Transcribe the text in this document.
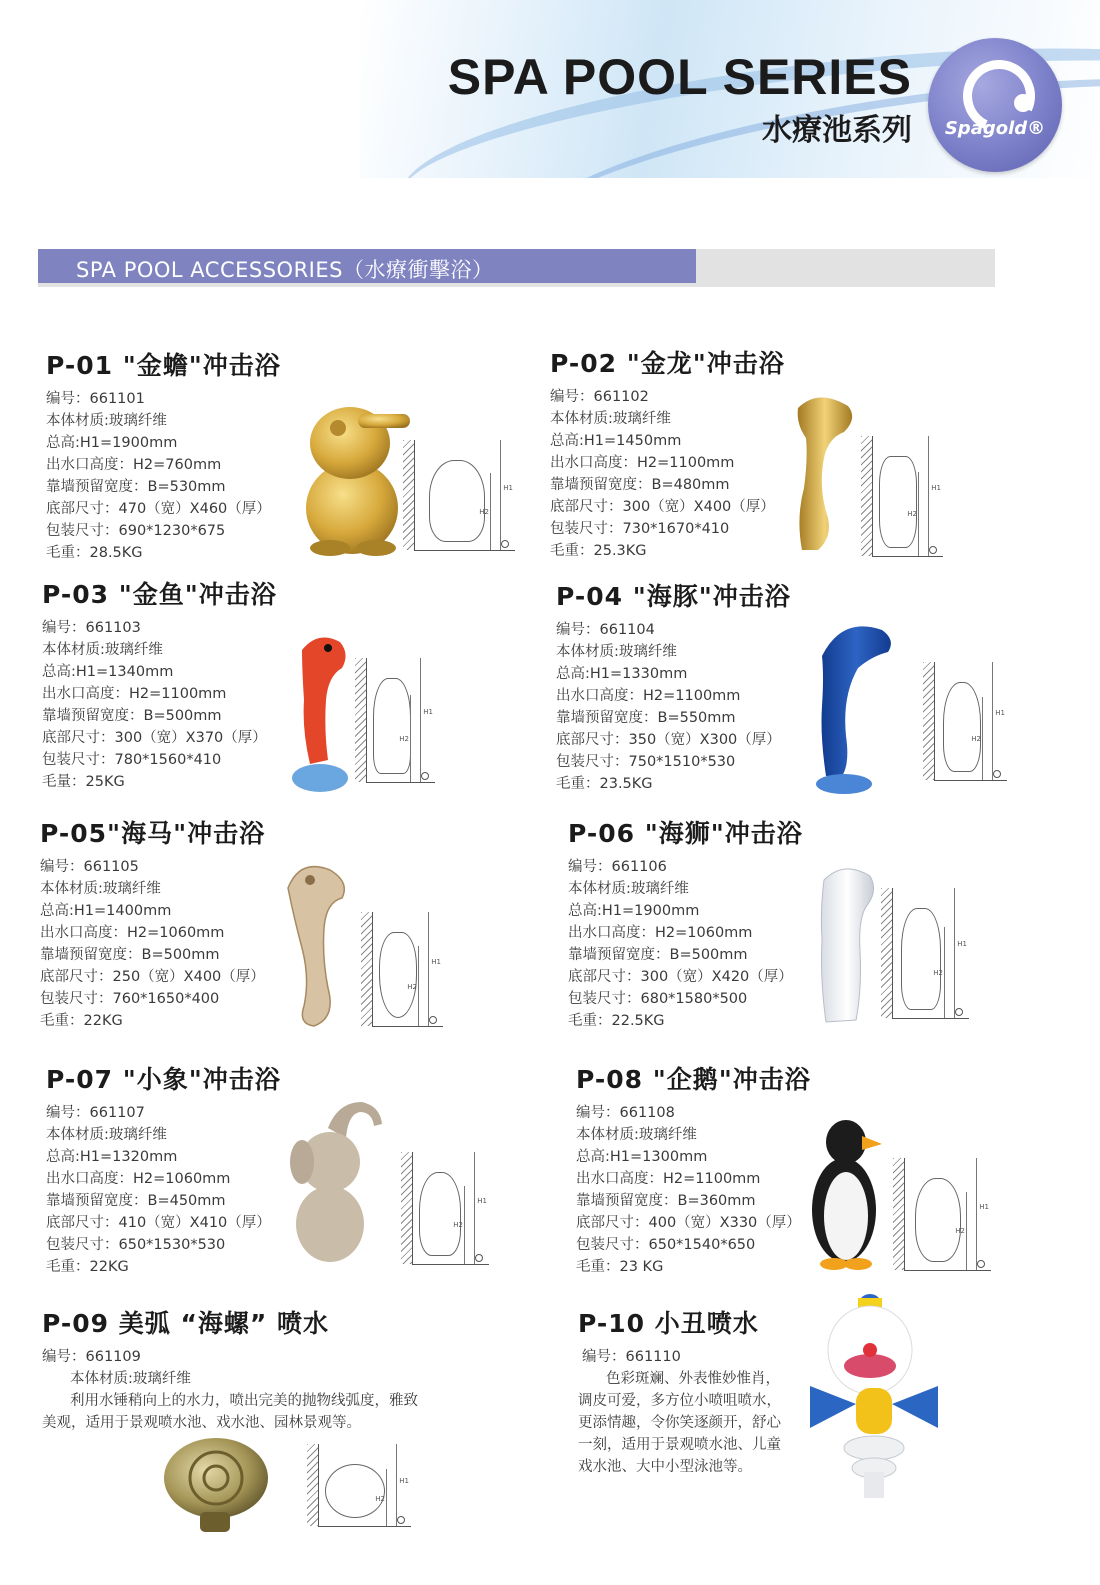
SPA POOL SERIES
水療池系列	Spagold®
SPA POOL ACCESSORIES（水療衝擊浴）
P-01 "金蟾"冲击浴
编号：661101
本体材质:玻璃纤维
总高:H1=1900mm
出水口高度：H2=760mm
靠墙预留宽度：B=530mm
底部尺寸：470（宽）X460（厚）
包装尺寸：690*1230*675
毛重：28.5KG
H1
H2
P-02 "金龙"冲击浴
编号：661102
本体材质:玻璃纤维
总高:H1=1450mm
出水口高度：H2=1100mm
靠墙预留宽度：B=480mm
底部尺寸：300（宽）X400（厚）
包装尺寸：730*1670*410
毛重：25.3KG
H1
H2
P-03 "金鱼"冲击浴
编号：661103
本体材质:玻璃纤维
总高:H1=1340mm
出水口高度：H2=1100mm
靠墙预留宽度：B=500mm
底部尺寸：300（宽）X370（厚）
包装尺寸：780*1560*410
毛量：25KG
H1
H2
P-04 "海豚"冲击浴
编号：661104
本体材质:玻璃纤维
总高:H1=1330mm
出水口高度：H2=1100mm
靠墙预留宽度：B=550mm
底部尺寸：350（宽）X300（厚）
包装尺寸：750*1510*530
毛重：23.5KG
H1
H2
P-05"海马"冲击浴
编号：661105
本体材质:玻璃纤维
总高:H1=1400mm
出水口高度：H2=1060mm
靠墙预留宽度：B=500mm
底部尺寸：250（宽）X400（厚）
包装尺寸：760*1650*400
毛重：22KG
H1
H2
P-06 "海狮"冲击浴
编号：661106
本体材质:玻璃纤维
总高:H1=1900mm
出水口高度：H2=1060mm
靠墙预留宽度：B=500mm
底部尺寸：300（宽）X420（厚）
包装尺寸：680*1580*500
毛重：22.5KG
H1
H2
P-07 "小象"冲击浴
编号：661107
本体材质:玻璃纤维
总高:H1=1320mm
出水口高度：H2=1060mm
靠墙预留宽度：B=450mm
底部尺寸：410（宽）X410（厚）
包装尺寸：650*1530*530
毛重：22KG
H1
H2
P-08 "企鹅"冲击浴
编号：661108
本体材质:玻璃纤维
总高:H1=1300mm
出水口高度：H2=1100mm
靠墙预留宽度：B=360mm
底部尺寸：400（宽）X330（厚）
包装尺寸：650*1540*650
毛重：23 KG
H1
H2
P-09 美弧 “海螺” 喷水
编号：661109
本体材质:玻璃纤维
利用水锤稍向上的水力，喷出完美的抛物线弧度，雅致美观，适用于景观喷水池、戏水池、园林景观等。
H1
H2
P-10 小丑喷水
编号：661110
色彩斑斓、外表惟妙惟肖，调皮可爱，多方位小喷咀喷水，更添情趣，令你笑逐颜开，舒心一刻，适用于景观喷水池、儿童戏水池、大中小型泳池等。
